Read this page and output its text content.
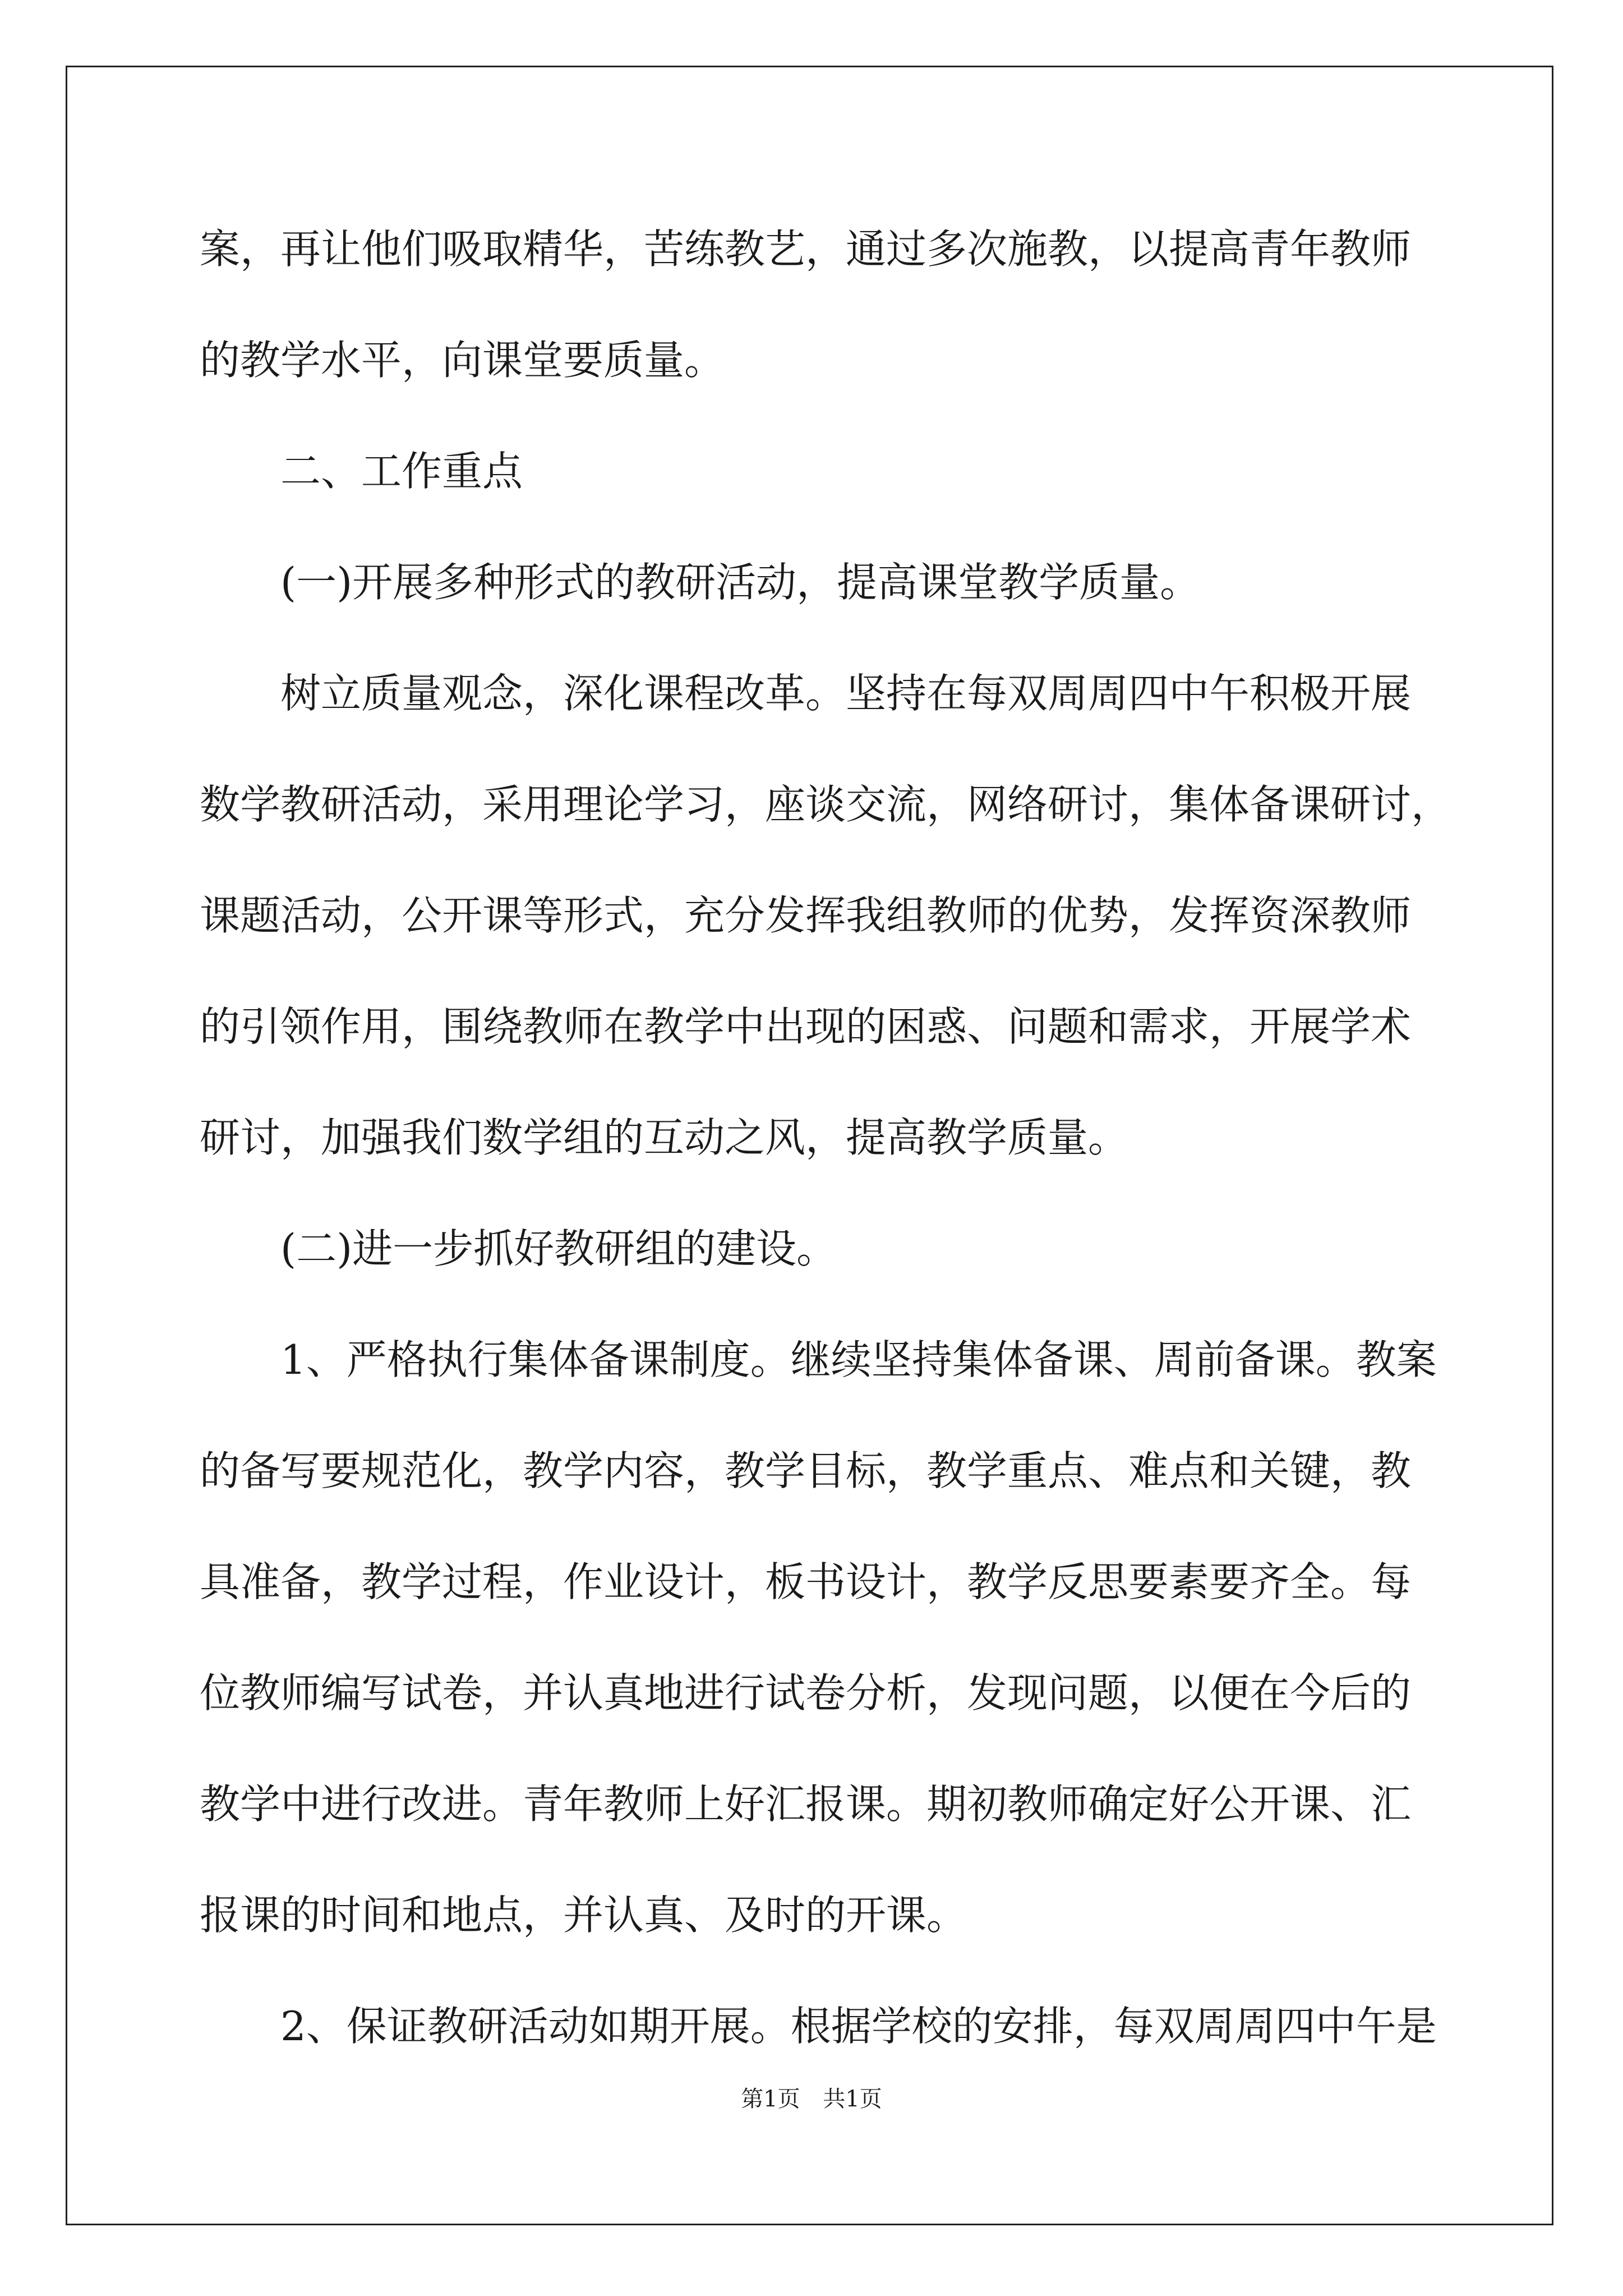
案，再让他们吸取精华，苦练教艺，通过多次施教，以提高青年教师
的教学水平，向课堂要质量。
二、工作重点
(一)开展多种形式的教研活动，提高课堂教学质量。
树立质量观念，深化课程改革。坚持在每双周周四中午积极开展
数学教研活动，采用理论学习，座谈交流，网络研讨，集体备课研讨，
课题活动，公开课等形式，充分发挥我组教师的优势，发挥资深教师
的引领作用，围绕教师在教学中出现的困惑、问题和需求，开展学术
研讨，加强我们数学组的互动之风，提高教学质量。
(二)进一步抓好教研组的建设。
1、严格执行集体备课制度。继续坚持集体备课、周前备课。教案
的备写要规范化，教学内容，教学目标，教学重点、难点和关键，教
具准备，教学过程，作业设计，板书设计，教学反思要素要齐全。每
位教师编写试卷，并认真地进行试卷分析，发现问题，以便在今后的
教学中进行改进。青年教师上好汇报课。期初教师确定好公开课、汇
报课的时间和地点，并认真、及时的开课。
2、保证教研活动如期开展。根据学校的安排，每双周周四中午是
第1页 共1页
